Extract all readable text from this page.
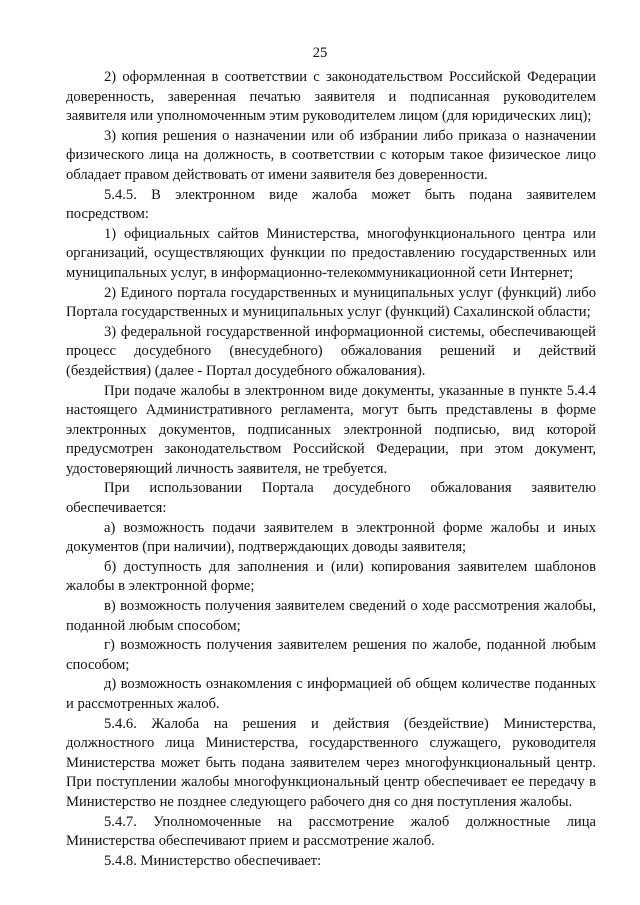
25

2) оформленная в соответствии с законодательством Российской Федерации доверенность, заверенная печатью заявителя и подписанная руководителем заявителя или уполномоченным этим руководителем лицом (для юридических лиц);

3) копия решения о назначении или об избрании либо приказа о назначении физического лица на должность, в соответствии с которым такое физическое лицо обладает правом действовать от имени заявителя без доверенности.

5.4.5. В электронном виде жалоба может быть подана заявителем посредством:

1) официальных сайтов Министерства, многофункционального центра или организаций, осуществляющих функции по предоставлению государственных или муниципальных услуг, в информационно-телекоммуникационной сети Интернет;

2) Единого портала государственных и муниципальных услуг (функций) либо Портала государственных и муниципальных услуг (функций) Сахалинской области;

3) федеральной государственной информационной системы, обеспечивающей процесс досудебного (внесудебного) обжалования решений и действий (бездействия) (далее - Портал досудебного обжалования).

При подаче жалобы в электронном виде документы, указанные в пункте 5.4.4 настоящего Административного регламента, могут быть представлены в форме электронных документов, подписанных электронной подписью, вид которой предусмотрен законодательством Российской Федерации, при этом документ, удостоверяющий личность заявителя, не требуется.

При использовании Портала досудебного обжалования заявителю обеспечивается:

а) возможность подачи заявителем в электронной форме жалобы и иных документов (при наличии), подтверждающих доводы заявителя;

б) доступность для заполнения и (или) копирования заявителем шаблонов жалобы в электронной форме;

в) возможность получения заявителем сведений о ходе рассмотрения жалобы, поданной любым способом;

г) возможность получения заявителем решения по жалобе, поданной любым способом;

д) возможность ознакомления с информацией об общем количестве поданных и рассмотренных жалоб.

5.4.6. Жалоба на решения и действия (бездействие) Министерства, должностного лица Министерства, государственного служащего, руководителя Министерства может быть подана заявителем через многофункциональный центр. При поступлении жалобы многофункциональный центр обеспечивает ее передачу в Министерство не позднее следующего рабочего дня со дня поступления жалобы.

5.4.7. Уполномоченные на рассмотрение жалоб должностные лица Министерства обеспечивают прием и рассмотрение жалоб.

5.4.8. Министерство обеспечивает:
